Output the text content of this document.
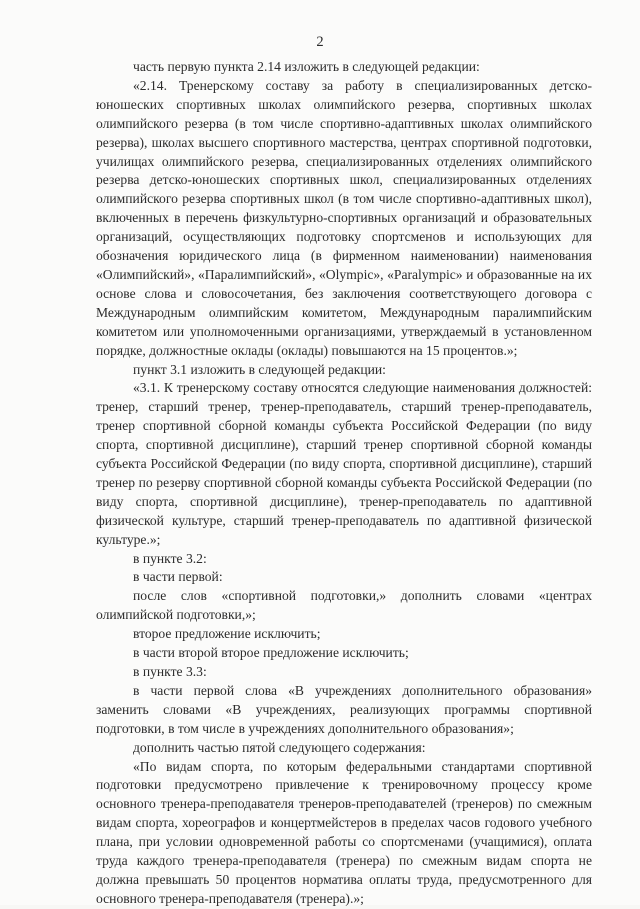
2

часть первую пункта 2.14 изложить в следующей редакции:

«2.14. Тренерскому составу за работу в специализированных детско-юношеских спортивных школах олимпийского резерва, спортивных школах олимпийского резерва (в том числе спортивно-адаптивных школах олимпийского резерва), школах высшего спортивного мастерства, центрах спортивной подготовки, училищах олимпийского резерва, специализированных отделениях олимпийского резерва детско-юношеских спортивных школ, специализированных отделениях олимпийского резерва спортивных школ (в том числе спортивно-адаптивных школ), включенных в перечень физкультурно-спортивных организаций и образовательных организаций, осуществляющих подготовку спортсменов и использующих для обозначения юридического лица (в фирменном наименовании) наименования «Олимпийский», «Паралимпийский», «Olympic», «Paralympic» и образованные на их основе слова и словосочетания, без заключения соответствующего договора с Международным олимпийским комитетом, Международным паралимпийским комитетом или уполномоченными организациями, утверждаемый в установленном порядке, должностные оклады (оклады) повышаются на 15 процентов.»;

пункт 3.1 изложить в следующей редакции:

«3.1. К тренерскому составу относятся следующие наименования должностей: тренер, старший тренер, тренер-преподаватель, старший тренер-преподаватель, тренер спортивной сборной команды субъекта Российской Федерации (по виду спорта, спортивной дисциплине), старший тренер спортивной сборной команды субъекта Российской Федерации (по виду спорта, спортивной дисциплине), старший тренер по резерву спортивной сборной команды субъекта Российской Федерации (по виду спорта, спортивной дисциплине), тренер-преподаватель по адаптивной физической культуре, старший тренер-преподаватель по адаптивной физической культуре.»;

в пункте 3.2:

в части первой:

после слов «спортивной подготовки,» дополнить словами «центрах олимпийской подготовки,»;

второе предложение исключить;

в части второй второе предложение исключить;

в пункте 3.3:

в части первой слова «В учреждениях дополнительного образования» заменить словами «В учреждениях, реализующих программы спортивной подготовки, в том числе в учреждениях дополнительного образования»;

дополнить частью пятой следующего содержания:

«По видам спорта, по которым федеральными стандартами спортивной подготовки предусмотрено привлечение к тренировочному процессу кроме основного тренера-преподавателя тренеров-преподавателей (тренеров) по смежным видам спорта, хореографов и концертмейстеров в пределах часов годового учебного плана, при условии одновременной работы со спортсменами (учащимися), оплата труда каждого тренера-преподавателя (тренера) по смежным видам спорта не должна превышать 50 процентов норматива оплаты труда, предусмотренного для основного тренера-преподавателя (тренера).»;
